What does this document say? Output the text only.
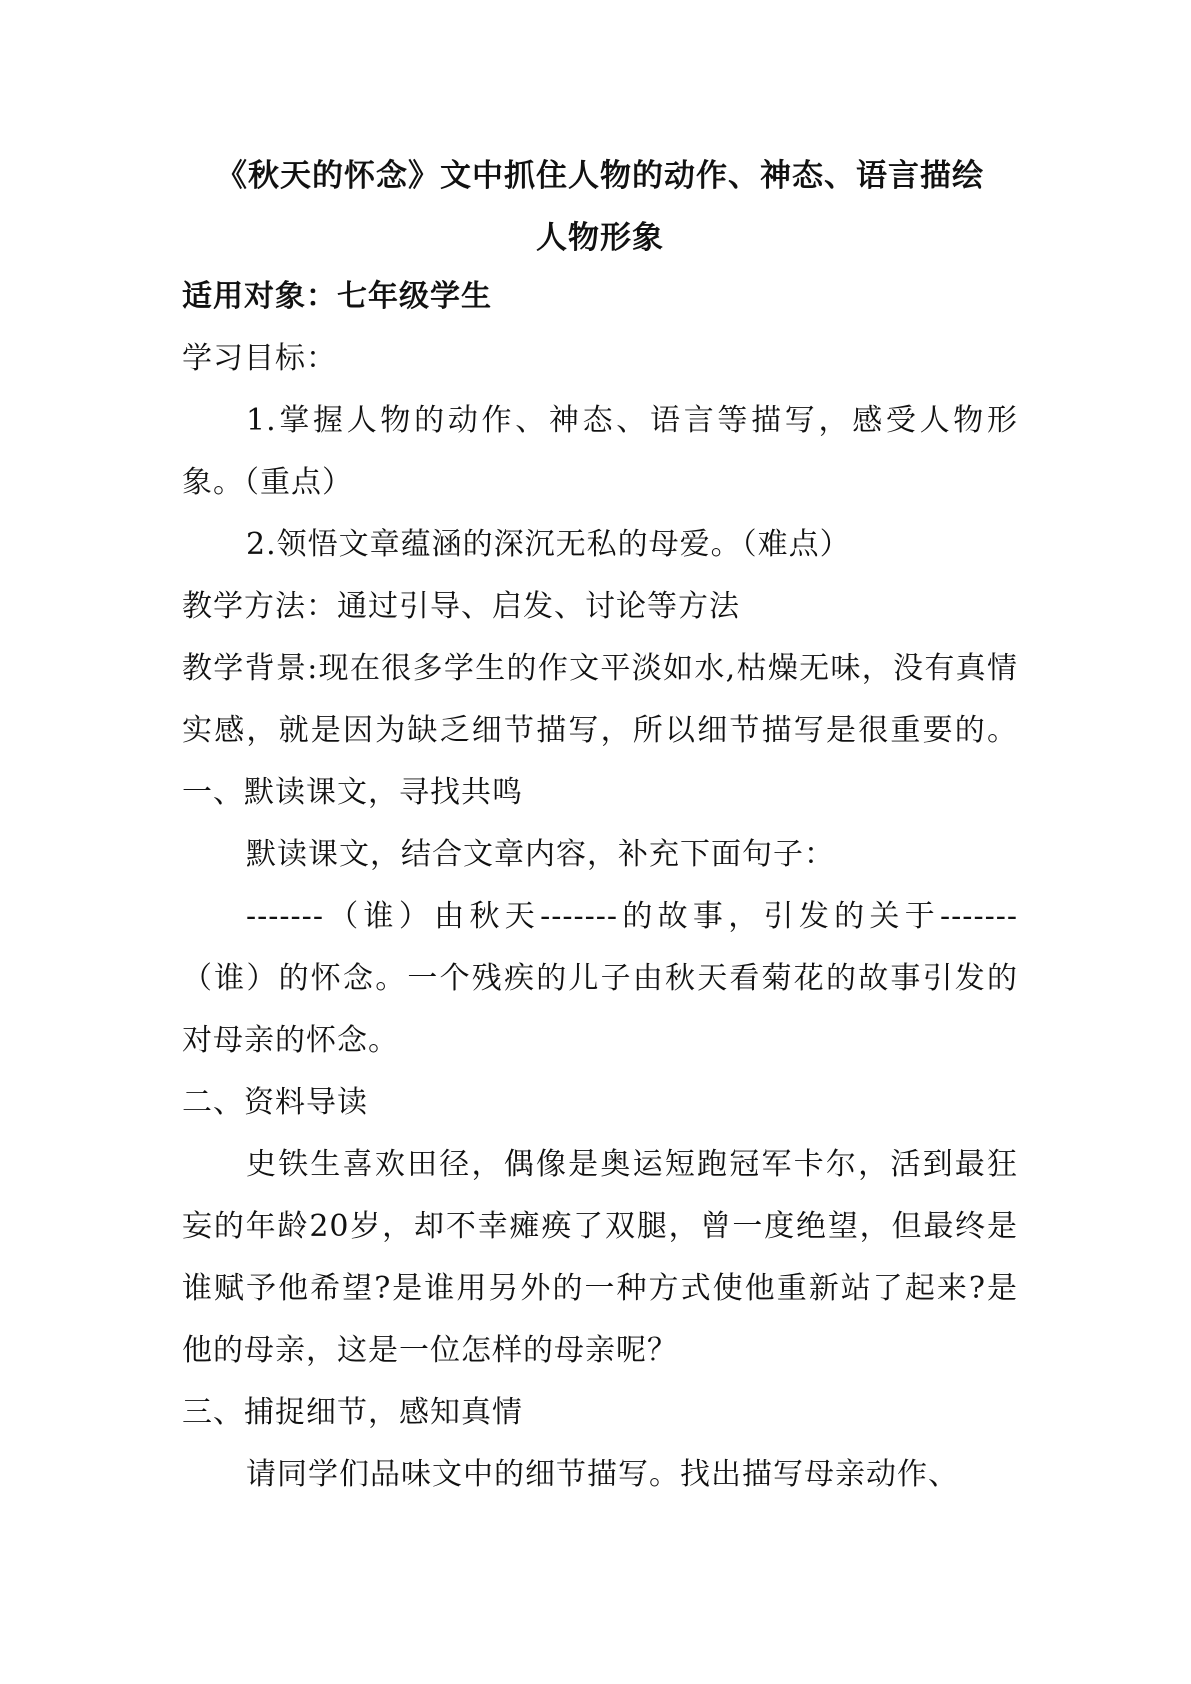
《秋天的怀念》文中抓住人物的动作、神态、语言描绘
人物形象

适用对象：七年级学生

学习目标：

1.掌握人物的动作、神态、语言等描写，感受人物形象。（重点）

2.领悟文章蕴涵的深沉无私的母爱。（难点）

教学方法：通过引导、启发、讨论等方法

教学背景:现在很多学生的作文平淡如水,枯燥无味，没有真情实感，就是因为缺乏细节描写，所以细节描写是很重要的。一、默读课文，寻找共鸣

默读课文，结合文章内容，补充下面句子：

-------（谁）由秋天-------的故事，引发的关于-------（谁）的怀念。一个残疾的儿子由秋天看菊花的故事引发的对母亲的怀念。

二、资料导读

史铁生喜欢田径，偶像是奥运短跑冠军卡尔，活到最狂妄的年龄20岁，却不幸瘫痪了双腿，曾一度绝望，但最终是谁赋予他希望?是谁用另外的一种方式使他重新站了起来?是他的母亲，这是一位怎样的母亲呢？

三、捕捉细节，感知真情

请同学们品味文中的细节描写。找出描写母亲动作、
